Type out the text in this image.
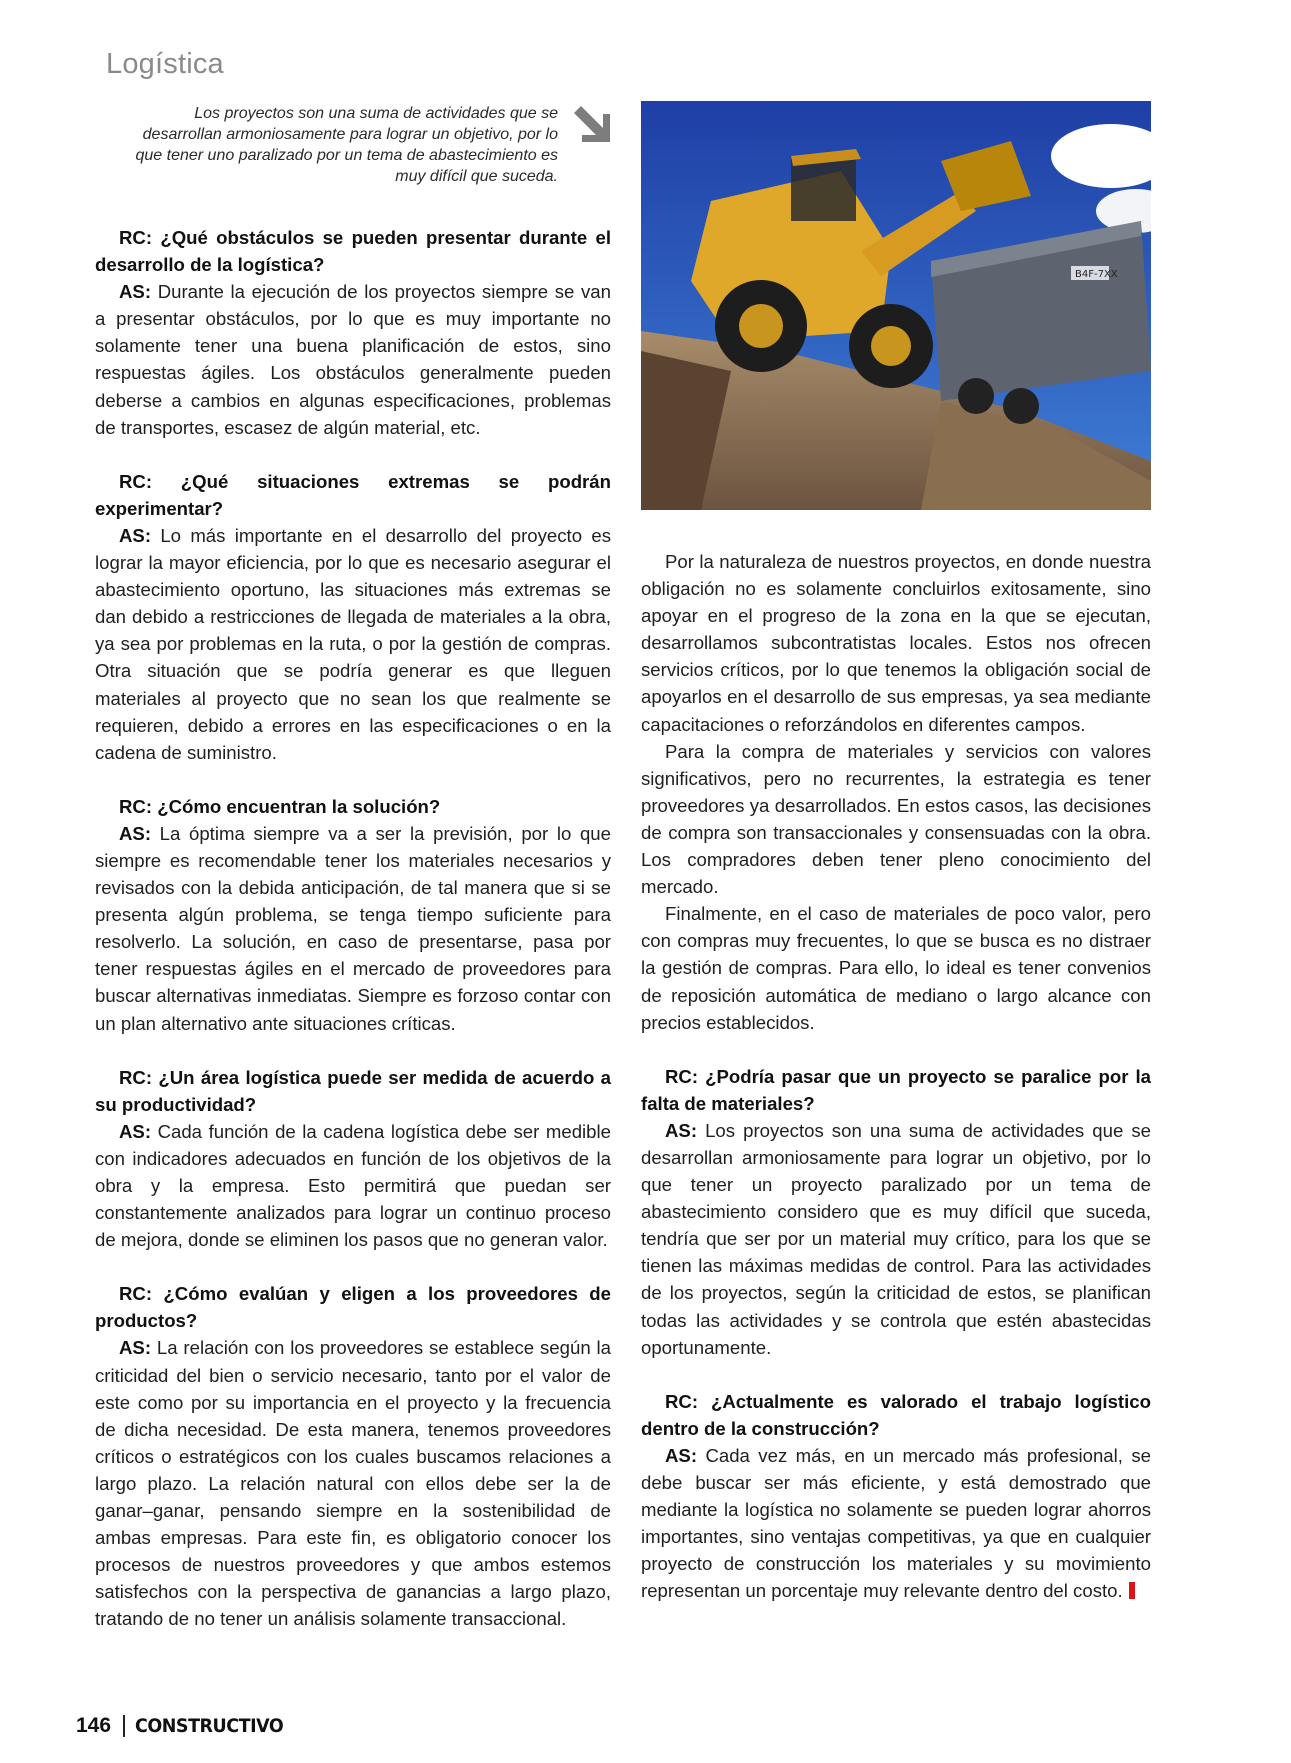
Logística
Los proyectos son una suma de actividades que se desarrollan armoniosamente para lograr un objetivo, por lo que tener uno paralizado por un tema de abastecimiento es muy difícil que suceda.
B4F-7XX

RC: ¿Qué obstáculos se pueden presentar durante el desarrollo de la logística?

AS: Durante la ejecución de los proyectos siempre se van a presentar obstáculos, por lo que es muy importante no solamente tener una buena planificación de estos, sino respuestas ágiles. Los obstáculos generalmente pueden deberse a cambios en algunas especificaciones, problemas de transportes, escasez de algún material, etc.

RC: ¿Qué situaciones extremas se podrán experimentar?

AS: Lo más importante en el desarrollo del proyecto es lograr la mayor eficiencia, por lo que es necesario asegurar el abastecimiento oportuno, las situaciones más extremas se dan debido a restricciones de llegada de materiales a la obra, ya sea por problemas en la ruta, o por la gestión de compras. Otra situación que se podría generar es que lleguen materiales al proyecto que no sean los que realmente se requieren, debido a errores en las especificaciones o en la cadena de suministro.

RC: ¿Cómo encuentran la solución?

AS: La óptima siempre va a ser la previsión, por lo que siempre es recomendable tener los materiales necesarios y revisados con la debida anticipación, de tal manera que si se presenta algún problema, se tenga tiempo suficiente para resolverlo. La solución, en caso de presentarse, pasa por tener respuestas ágiles en el mercado de proveedores para buscar alternativas inmediatas. Siempre es forzoso contar con un plan alternativo ante situaciones críticas.

RC: ¿Un área logística puede ser medida de acuerdo a su productividad?

AS: Cada función de la cadena logística debe ser medible con indicadores adecuados en función de los objetivos de la obra y la empresa. Esto permitirá que puedan ser constantemente analizados para lograr un continuo proceso de mejora, donde se eliminen los pasos que no generan valor.

RC: ¿Cómo evalúan y eligen a los proveedores de productos?

AS: La relación con los proveedores se establece según la criticidad del bien o servicio necesario, tanto por el valor de este como por su importancia en el proyecto y la frecuencia de dicha necesidad. De esta manera, tenemos proveedores críticos o estratégicos con los cuales buscamos relaciones a largo plazo. La relación natural con ellos debe ser la de ganar–ganar, pensando siempre en la sostenibilidad de ambas empresas. Para este fin, es obligatorio conocer los procesos de nuestros proveedores y que ambos estemos satisfechos con la perspectiva de ganancias a largo plazo, tratando de no tener un análisis solamente transaccional.

Por la naturaleza de nuestros proyectos, en donde nuestra obligación no es solamente concluirlos exitosamente, sino apoyar en el progreso de la zona en la que se ejecutan, desarrollamos subcontratistas locales. Estos nos ofrecen servicios críticos, por lo que tenemos la obligación social de apoyarlos en el desarrollo de sus empresas, ya sea mediante capacitaciones o reforzándolos en diferentes campos.

Para la compra de materiales y servicios con valores significativos, pero no recurrentes, la estrategia es tener proveedores ya desarrollados. En estos casos, las decisiones de compra son transaccionales y consensuadas con la obra. Los compradores deben tener pleno conocimiento del mercado.

Finalmente, en el caso de materiales de poco valor, pero con compras muy frecuentes, lo que se busca es no distraer la gestión de compras. Para ello, lo ideal es tener convenios de reposición automática de mediano o largo alcance con precios establecidos.

RC: ¿Podría pasar que un proyecto se paralice por la falta de materiales?

AS: Los proyectos son una suma de actividades que se desarrollan armoniosamente para lograr un objetivo, por lo que tener un proyecto paralizado por un tema de abastecimiento considero que es muy difícil que suceda, tendría que ser por un material muy crítico, para los que se tienen las máximas medidas de control. Para las actividades de los proyectos, según la criticidad de estos, se planifican todas las actividades y se controla que estén abastecidas oportunamente.

RC: ¿Actualmente es valorado el trabajo logístico dentro de la construcción?

AS: Cada vez más, en un mercado más profesional, se debe buscar ser más eficiente, y está demostrado que mediante la logística no solamente se pueden lograr ahorros importantes, sino ventajas competitivas, ya que en cualquier proyecto de construcción los materiales y su movimiento representan un porcentaje muy relevante dentro del costo.

146 CONSTRUCTIVO
